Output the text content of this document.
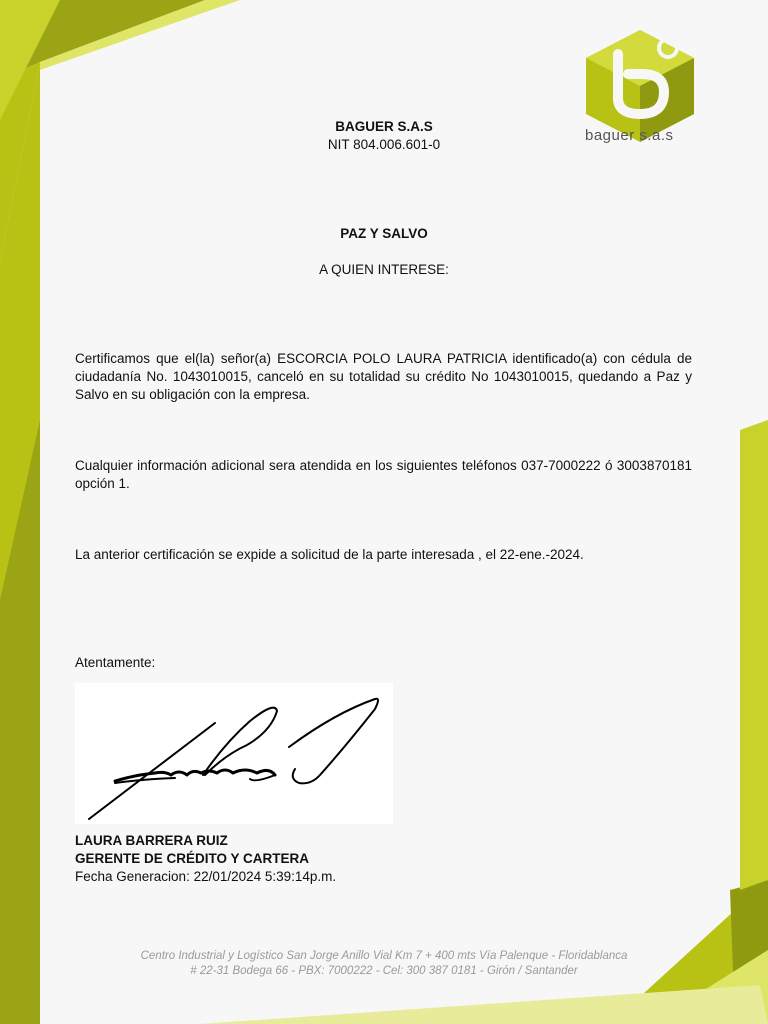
baguer s.a.s
BAGUER S.A.S
NIT 804.006.601-0
PAZ Y SALVO
A QUIEN INTERESE:
Certificamos que el(la) señor(a) ESCORCIA POLO LAURA PATRICIA identificado(a) con cédula de ciudadanía No. 1043010015, canceló en su totalidad su crédito No 1043010015, quedando a Paz y Salvo en su obligación con la empresa.
Cualquier información adicional sera atendida en los siguientes teléfonos 037-7000222 ó 3003870181 opción 1.
La anterior certificación se expide a solicitud de la parte interesada , el 22-ene.-2024.
Atentamente:
LAURA BARRERA RUIZ
GERENTE DE CRÉDITO Y CARTERA
Fecha Generacion: 22/01/2024 5:39:14p.m.
Centro Industrial y Logístico San Jorge Anillo Vial Km 7 + 400 mts Vía Palenque - Floridablanca
# 22-31 Bodega 66 - PBX: 7000222 - Cel: 300 387 0181 - Girón / Santander
